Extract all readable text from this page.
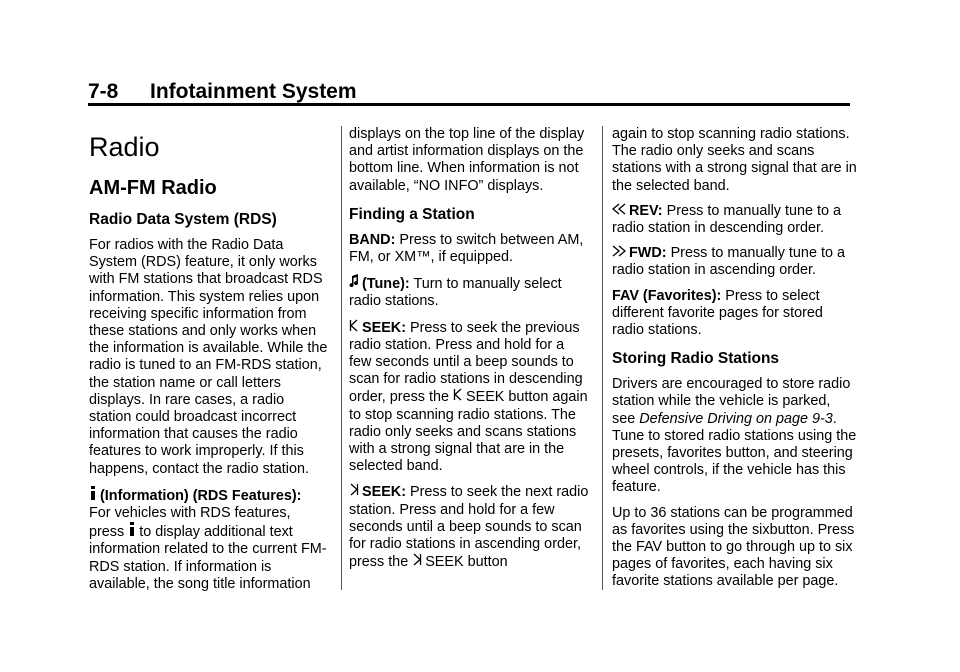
7-8 Infotainment System
Radio
AM-FM Radio
Radio Data System (RDS)

For radios with the Radio Data System (RDS) feature, it only works with FM stations that broadcast RDS information. This system relies upon receiving specific information from these stations and only works when the information is available. While the radio is tuned to an FM-RDS station, the station name or call letters displays. In rare cases, a radio station could broadcast incorrect information that causes the radio features to work improperly. If this happens, contact the radio station.

(Information) (RDS Features):
For vehicles with RDS features, press to display additional text information related to the current FM-RDS station. If information is available, the song title information

displays on the top line of the display and artist information displays on the bottom line. When information is not available, “NO INFO” displays.

Finding a Station

BAND: Press to switch between AM, FM, or XM™, if equipped.

(Tune): Turn to manually select radio stations.

SEEK: Press to seek the previous radio station. Press and hold for a few seconds until a beep sounds to scan for radio stations in descending order, press the SEEK button again to stop scanning radio stations. The radio only seeks and scans stations with a strong signal that are in the selected band.

SEEK: Press to seek the next radio station. Press and hold for a few seconds until a beep sounds to scan for radio stations in ascending order, press the SEEK button

again to stop scanning radio stations. The radio only seeks and scans stations with a strong signal that are in the selected band.

REV: Press to manually tune to a radio station in descending order.

FWD: Press to manually tune to a radio station in ascending order.

FAV (Favorites): Press to select different favorite pages for stored radio stations.

Storing Radio Stations

Drivers are encouraged to store radio station while the vehicle is parked, see Defensive Driving on page 9-3. Tune to stored radio stations using the presets, favorites button, and steering wheel controls, if the vehicle has this feature.

Up to 36 stations can be programmed as favorites using the sixbutton. Press the FAV button to go through up to six pages of favorites, each having six favorite stations available per page.
